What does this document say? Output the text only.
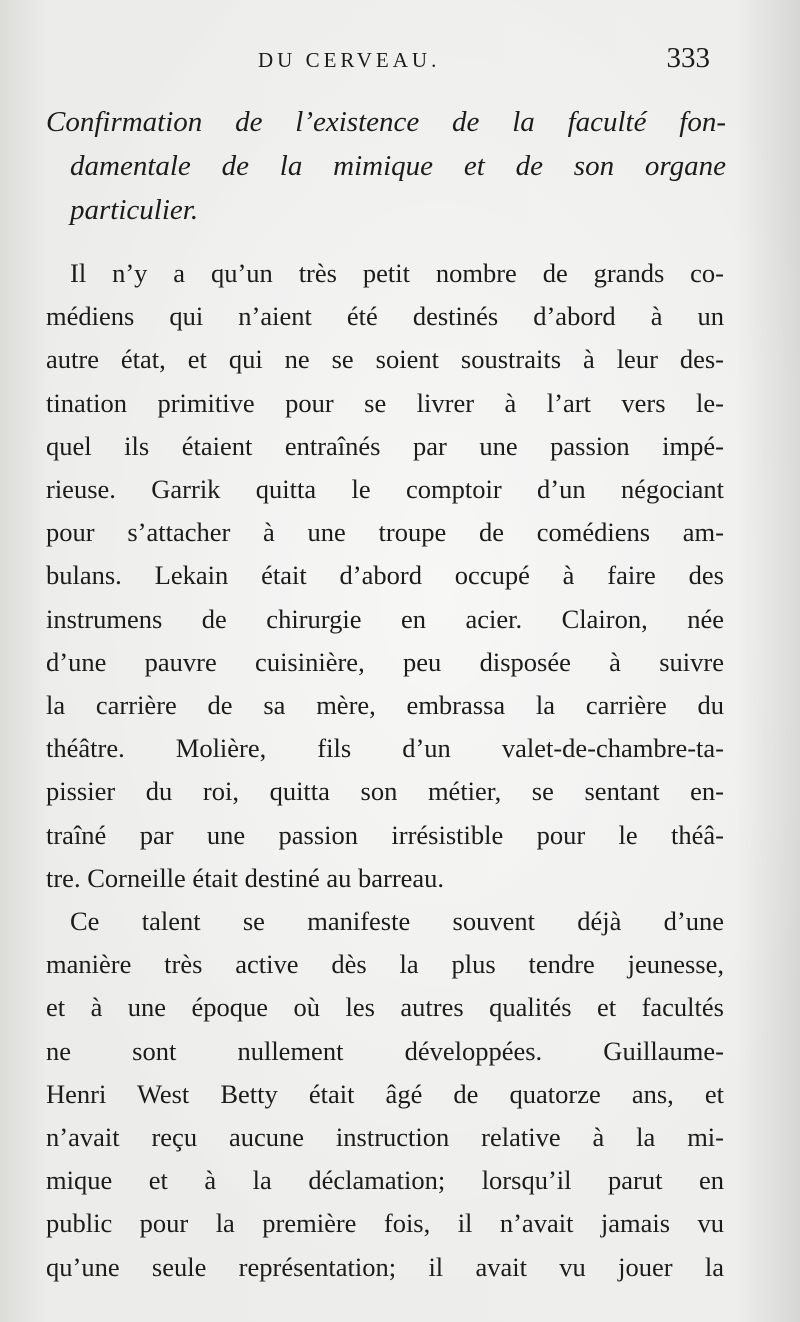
DU CERVEAU.	333
Confirmation de l’existence de la faculté fon-
damentale de la mimique et de son organe
particulier.
Il n’y a qu’un très petit nombre de grands co-
médiens qui n’aient été destinés d’abord à un
autre état, et qui ne se soient soustraits à leur des-
tination primitive pour se livrer à l’art vers le-
quel ils étaient entraînés par une passion impé-
rieuse. Garrik quitta le comptoir d’un négociant
pour s’attacher à une troupe de comédiens am-
bulans. Lekain était d’abord occupé à faire des
instrumens de chirurgie en acier. Clairon, née
d’une pauvre cuisinière, peu disposée à suivre
la carrière de sa mère, embrassa la carrière du
théâtre. Molière, fils d’un valet-de-chambre-ta-
pissier du roi, quitta son métier, se sentant en-
traîné par une passion irrésistible pour le théâ-
tre. Corneille était destiné au barreau.
Ce talent se manifeste souvent déjà d’une
manière très active dès la plus tendre jeunesse,
et à une époque où les autres qualités et facultés
ne sont nullement développées. Guillaume-
Henri West Betty était âgé de quatorze ans, et
n’avait reçu aucune instruction relative à la mi-
mique et à la déclamation; lorsqu’il parut en
public pour la première fois, il n’avait jamais vu
qu’une seule représentation; il avait vu jouer la
